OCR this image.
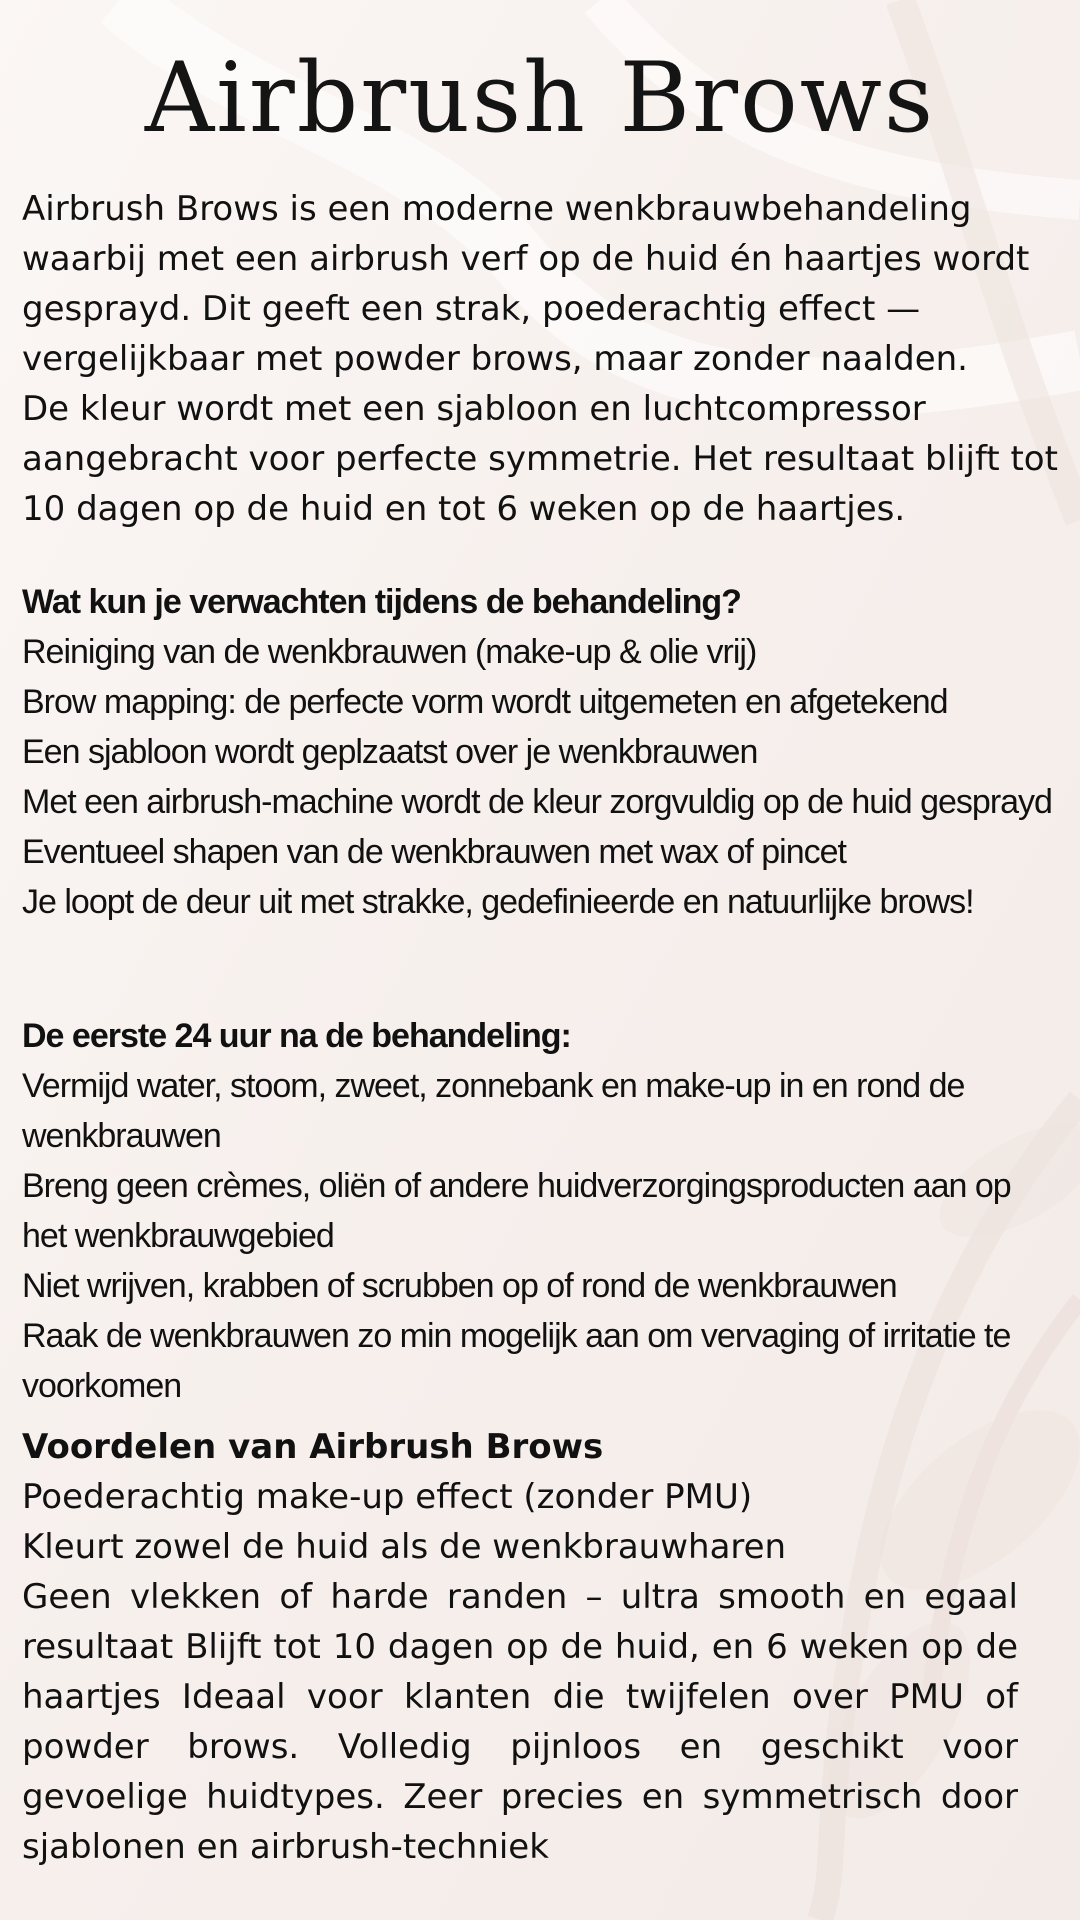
Airbrush Brows

Airbrush Brows is een moderne wenkbrauwbehandeling waarbij met een airbrush verf op de huid én haartjes wordt gesprayd. Dit geeft een strak, poederachtig effect — vergelijkbaar met powder brows, maar zonder naalden.

De kleur wordt met een sjabloon en luchtcompressor aangebracht voor perfecte symmetrie. Het resultaat blijft tot 10 dagen op de huid en tot 6 weken op de haartjes.

Wat kun je verwachten tijdens de behandeling?
Reiniging van de wenkbrauwen (make-up & olie vrij)
Brow mapping: de perfecte vorm wordt uitgemeten en afgetekend
Een sjabloon wordt geplzaatst over je wenkbrauwen
Met een airbrush-machine wordt de kleur zorgvuldig op de huid gesprayd
Eventueel shapen van de wenkbrauwen met wax of pincet
Je loopt de deur uit met strakke, gedefinieerde en natuurlijke brows!
De eerste 24 uur na de behandeling:
Vermijd water, stoom, zweet, zonnebank en make-up in en rond de wenkbrauwen
Breng geen crèmes, oliën of andere huidverzorgingsproducten aan op het wenkbrauwgebied
Niet wrijven, krabben of scrubben op of rond de wenkbrauwen
Raak de wenkbrauwen zo min mogelijk aan om vervaging of irritatie te voorkomen
Voordelen van Airbrush Brows

Poederachtig make-up effect (zonder PMU)

Kleurt zowel de huid als de wenkbrauwharen

Geen vlekken of harde randen – ultra smooth en egaal resultaat Blijft tot 10 dagen op de huid, en 6 weken op de haartjes Ideaal voor klanten die twijfelen over PMU of powder brows. Volledig pijnloos en geschikt voor gevoelige huidtypes. Zeer precies en symmetrisch door sjablonen en airbrush-techniek
